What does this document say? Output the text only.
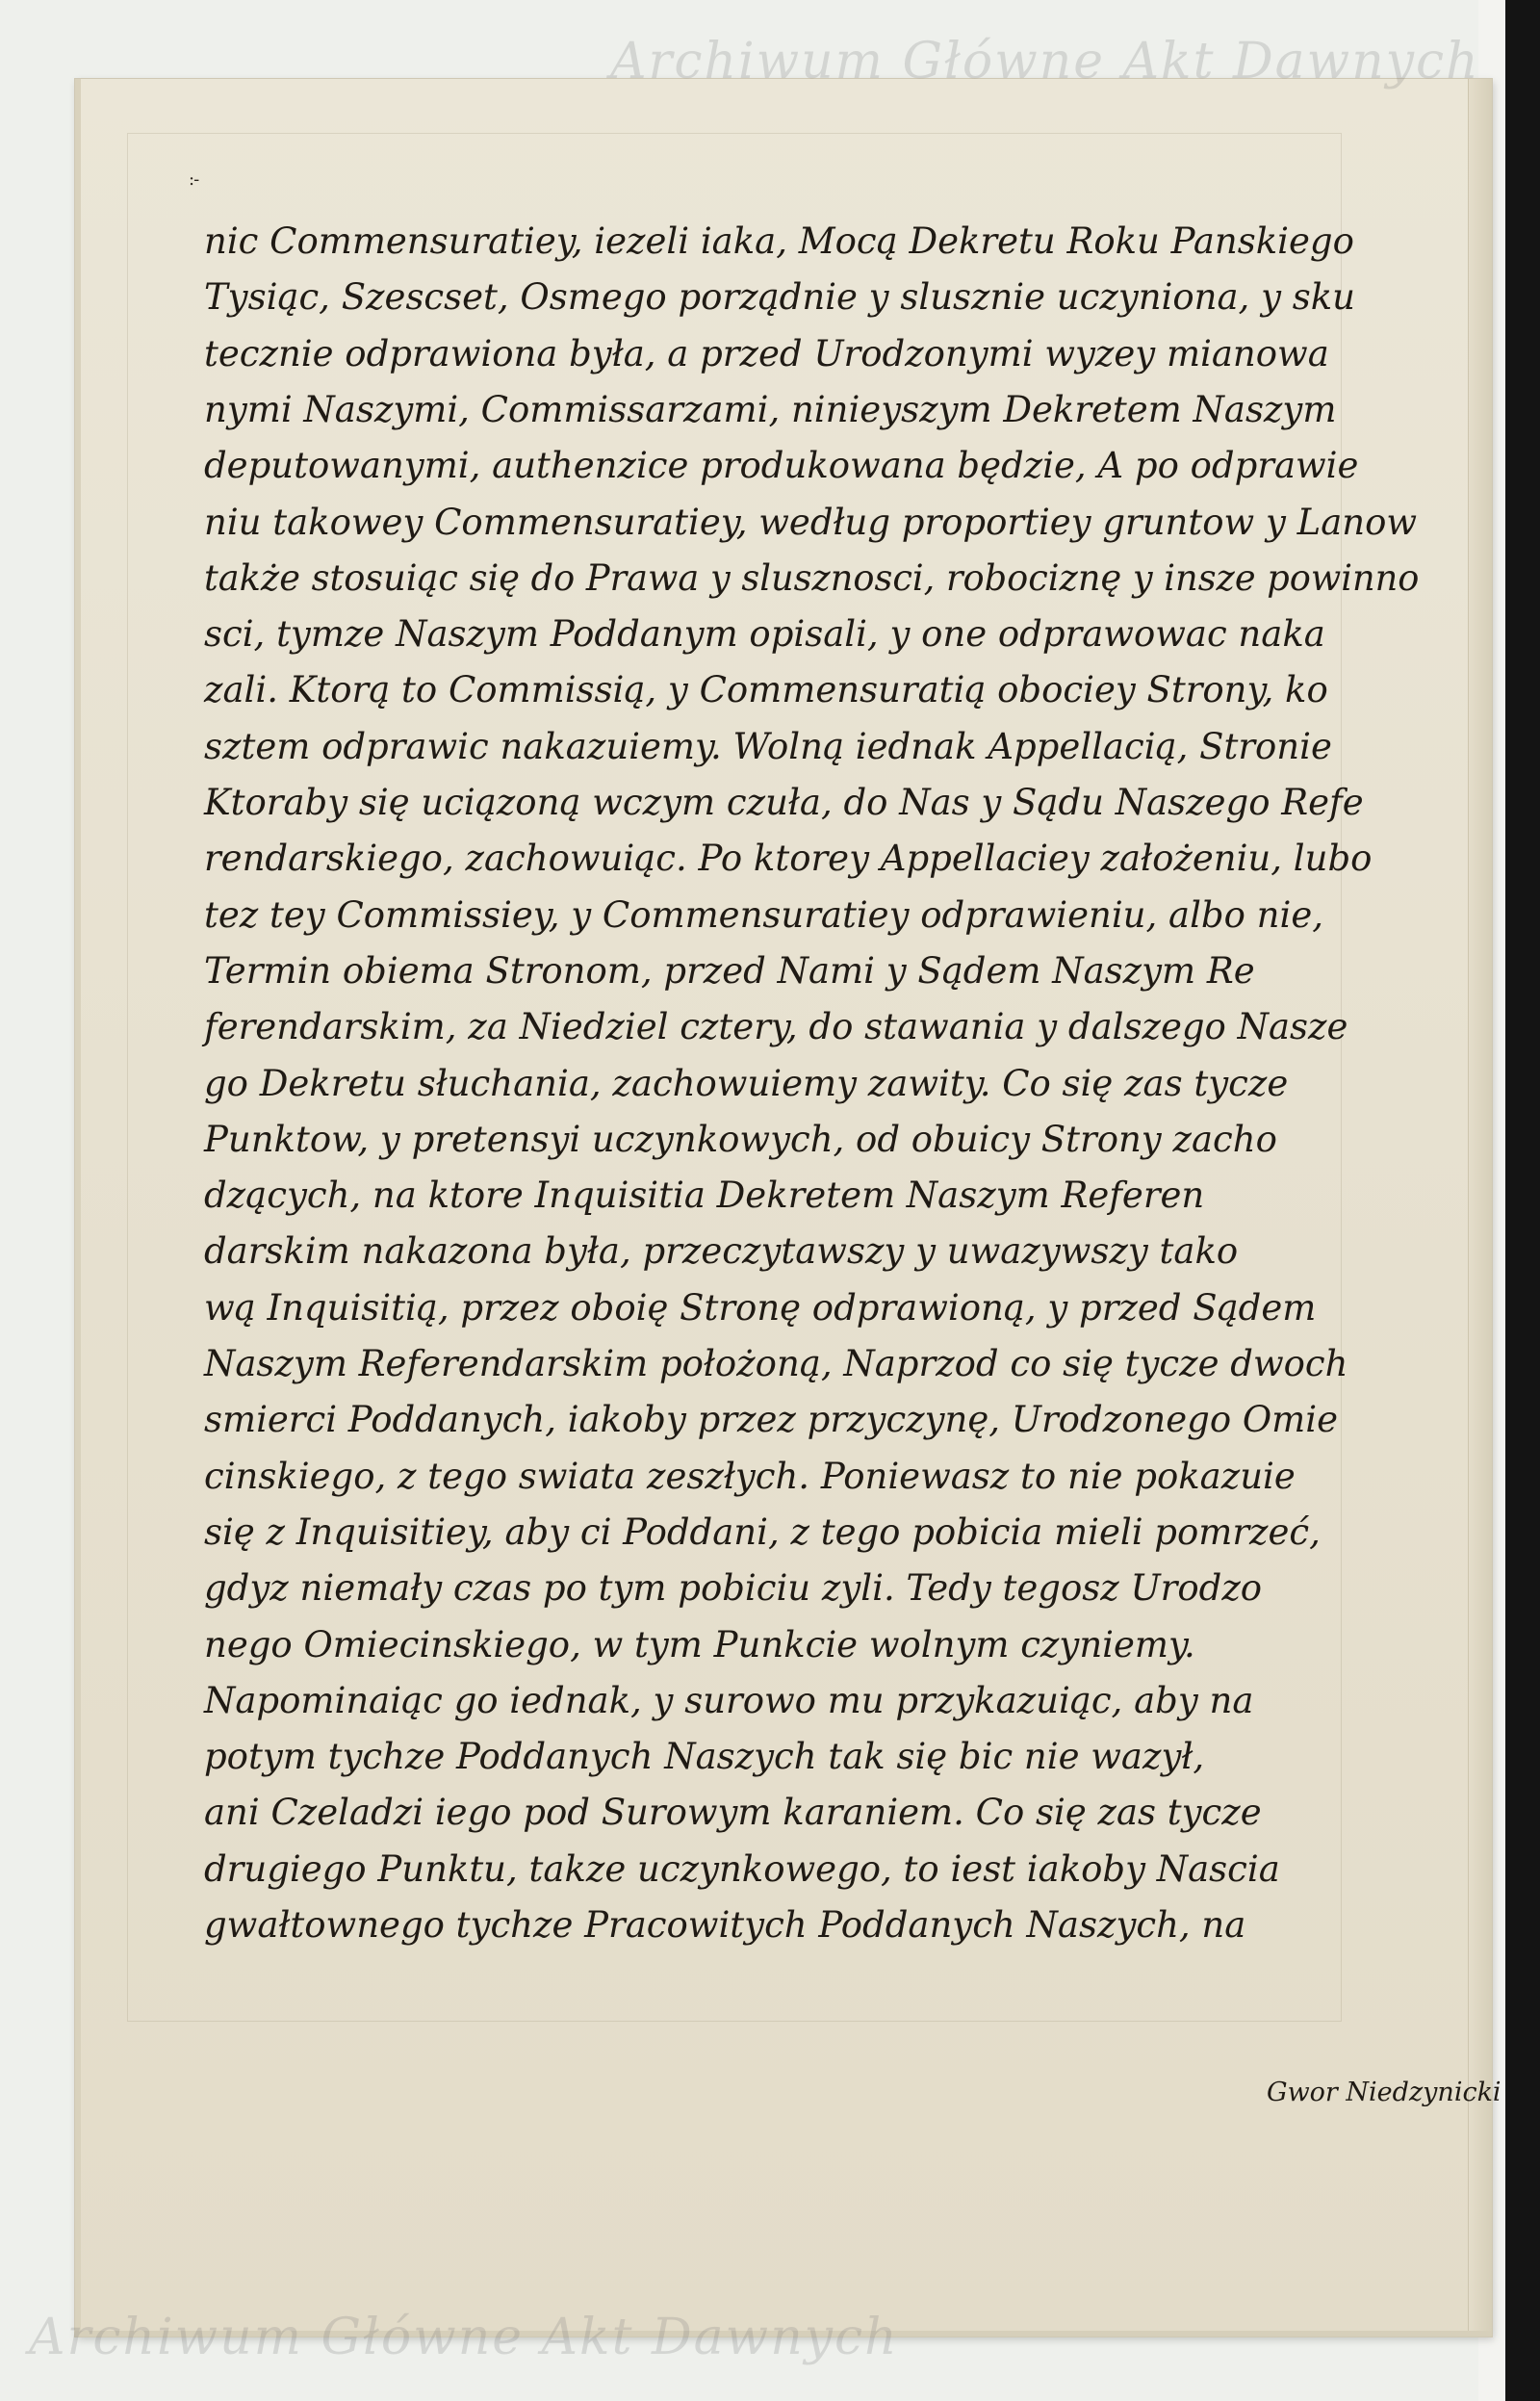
Archiwum Główne Akt Dawnych
Archiwum Główne Akt Dawnych
:-
nic Commensuratiey, iezeli iaka, Mocą Dekretu Roku Panskiego
Tysiąc, Szescset, Osmego porządnie y slusznie uczyniona, y sku
tecznie odprawiona była, a przed Urodzonymi wyzey mianowa
nymi Naszymi, Commissarzami, ninieyszym Dekretem Naszym
deputowanymi, authenzice produkowana będzie, A po odprawie
niu takowey Commensuratiey, według proportiey gruntow y Lanow
także stosuiąc się do Prawa y slusznosci, robociznę y insze powinno
sci, tymze Naszym Poddanym opisali, y one odprawowac naka
zali. Ktorą to Commissią, y Commensuratią obociey Strony, ko
sztem odprawic nakazuiemy. Wolną iednak Appellacią, Stronie
Ktoraby się uciązoną wczym czuła, do Nas y Sądu Naszego Refe
rendarskiego, zachowuiąc. Po ktorey Appellaciey założeniu, lubo
tez tey Commissiey, y Commensuratiey odprawieniu, albo nie,
Termin obiema Stronom, przed Nami y Sądem Naszym Re
ferendarskim, za Niedziel cztery, do stawania y dalszego Nasze
go Dekretu słuchania, zachowuiemy zawity. Co się zas tycze
Punktow, y pretensyi uczynkowych, od obuicy Strony zacho
dzących, na ktore Inquisitia Dekretem Naszym Referen
darskim nakazona była, przeczytawszy y uwazywszy tako
wą Inquisitią, przez oboię Stronę odprawioną, y przed Sądem
Naszym Referendarskim położoną, Naprzod co się tycze dwoch
smierci Poddanych, iakoby przez przyczynę, Urodzonego Omie
cinskiego, z tego swiata zeszłych. Poniewasz to nie pokazuie
się z Inquisitiey, aby ci Poddani, z tego pobicia mieli pomrzeć,
gdyz niemały czas po tym pobiciu zyli. Tedy tegosz Urodzo
nego Omiecinskiego, w tym Punkcie wolnym czyniemy.
Napominaiąc go iednak, y surowo mu przykazuiąc, aby na
potym tychze Poddanych Naszych tak się bic nie wazył,
ani Czeladzi iego pod Surowym karaniem. Co się zas tycze
drugiego Punktu, takze uczynkowego, to iest iakoby Nascia
gwałtownego tychze Pracowitych Poddanych Naszych, na
Gwor Niedzynicki
